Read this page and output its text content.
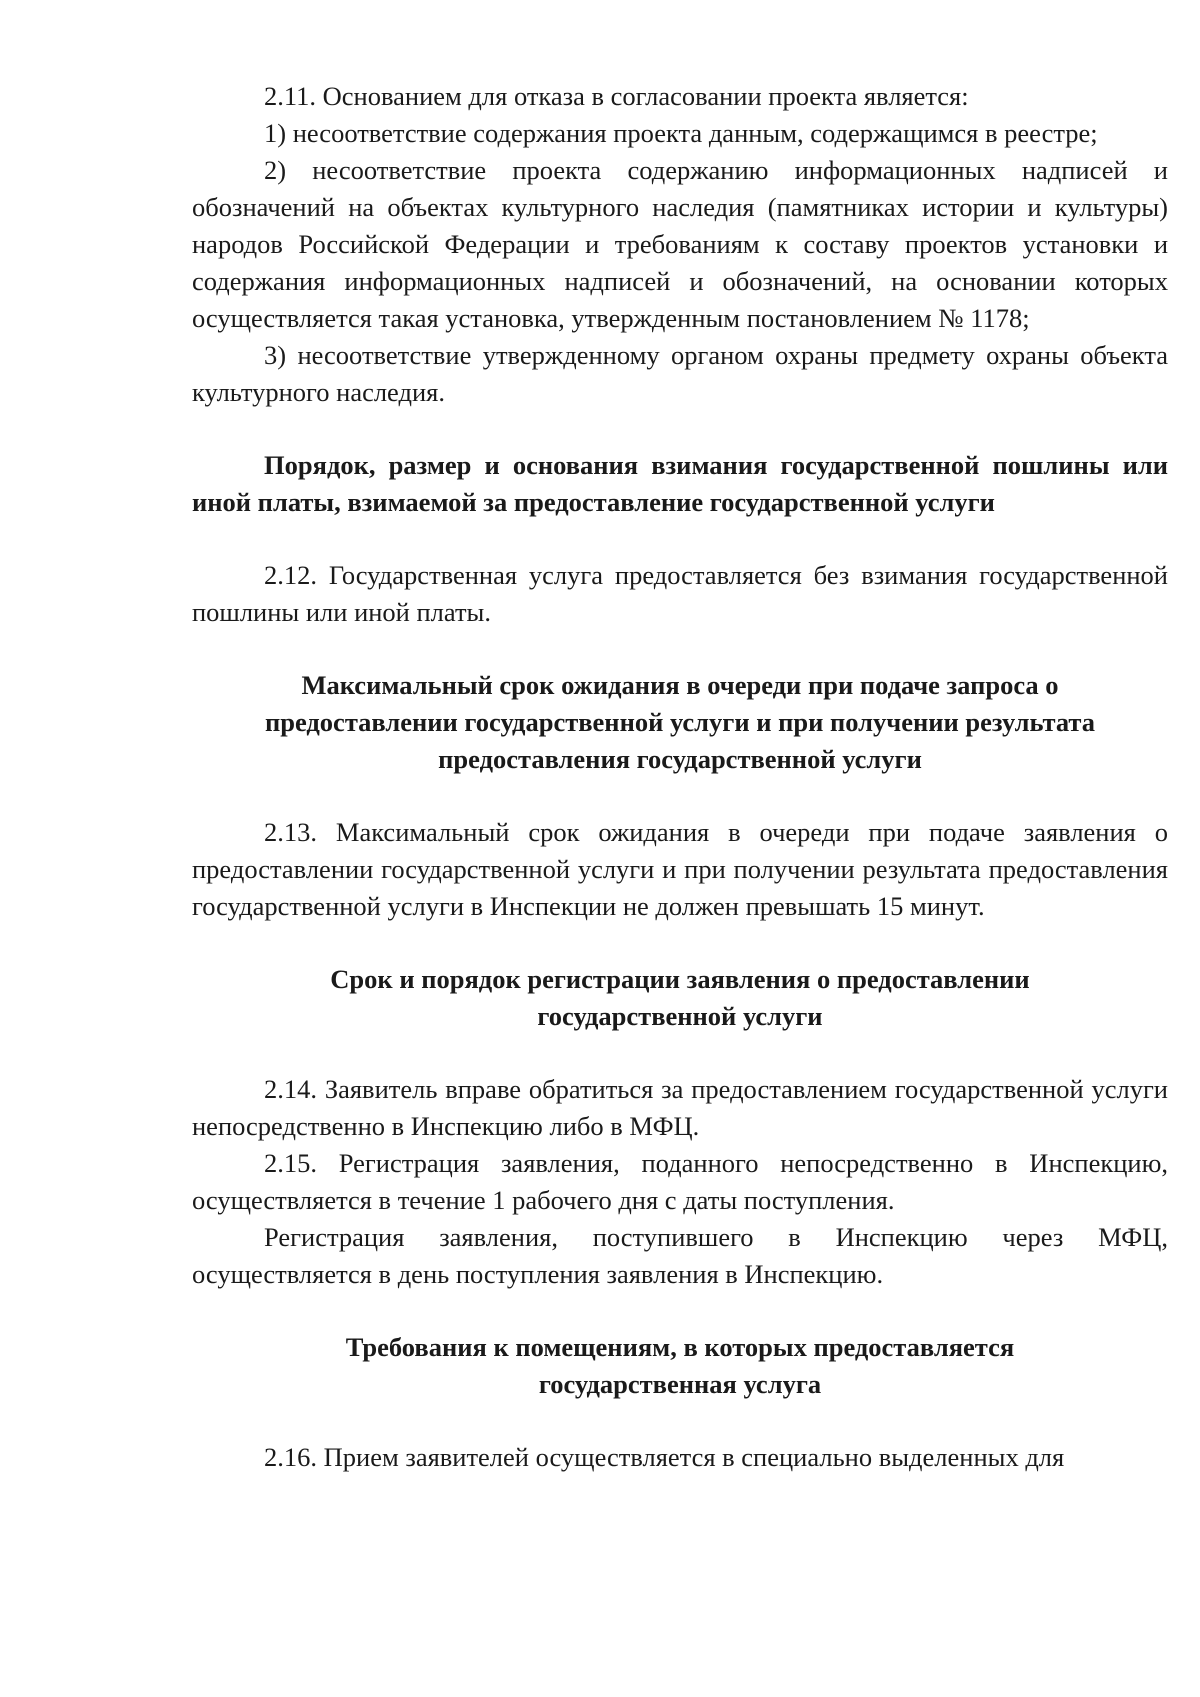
2.11. Основанием для отказа в согласовании проекта является:

1) несоответствие содержания проекта данным, содержащимся в реестре;

2) несоответствие проекта содержанию информационных надписей и обозначений на объектах культурного наследия (памятниках истории и культуры) народов Российской Федерации и требованиям к составу проектов установки и содержания информационных надписей и обозначений, на основании которых осуществляется такая установка, утвержденным постановлением № 1178;

3) несоответствие утвержденному органом охраны предмету охраны объекта культурного наследия.

Порядок, размер и основания взимания государственной пошлины или иной платы, взимаемой за предоставление государственной услуги

2.12. Государственная услуга предоставляется без взимания государственной пошлины или иной платы.

Максимальный срок ожидания в очереди при подаче запроса о
предоставлении государственной услуги и при получении результата
предоставления государственной услуги

2.13. Максимальный срок ожидания в очереди при подаче заявления о предоставлении государственной услуги и при получении результата предоставления государственной услуги в Инспекции не должен превышать 15 минут.

Срок и порядок регистрации заявления о предоставлении
государственной услуги

2.14. Заявитель вправе обратиться за предоставлением государственной услуги непосредственно в Инспекцию либо в МФЦ.

2.15. Регистрация заявления, поданного непосредственно в Инспекцию, осуществляется в течение 1 рабочего дня с даты поступления.

Регистрация заявления, поступившего в Инспекцию через МФЦ, осуществляется в день поступления заявления в Инспекцию.

Требования к помещениям, в которых предоставляется
государственная услуга

2.16. Прием заявителей осуществляется в специально выделенных для
